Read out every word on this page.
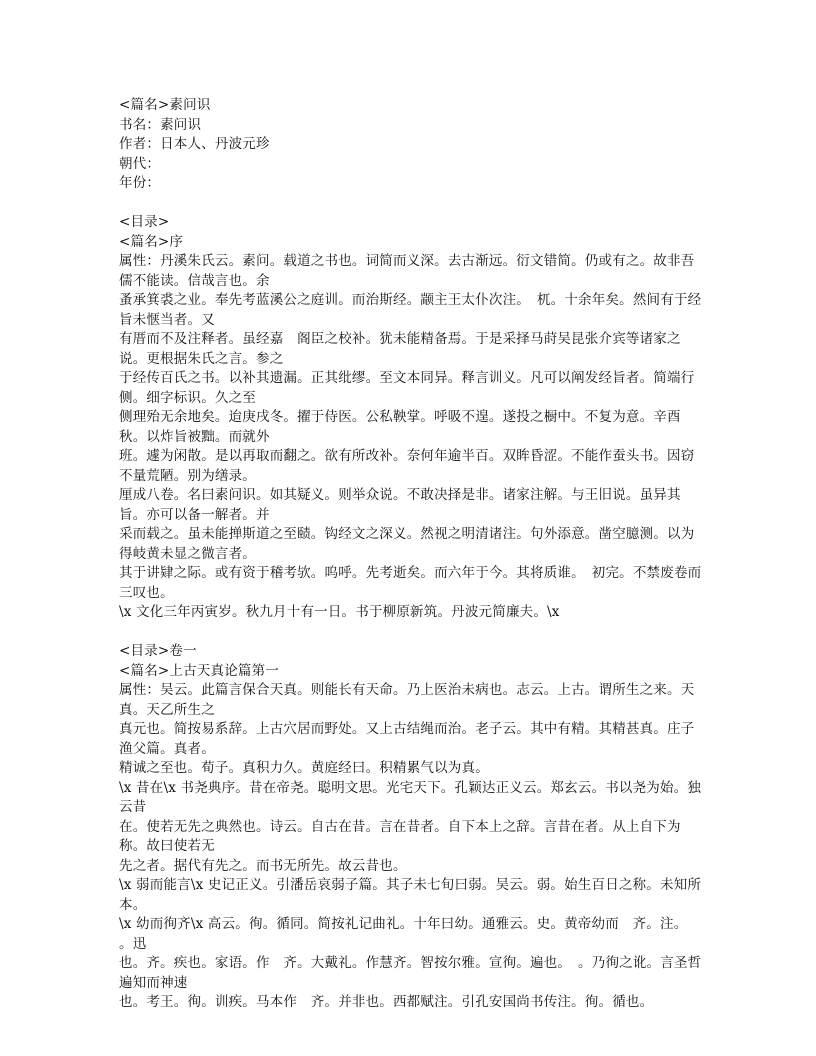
<篇名>素问识
书名：素问识
作者：日本人、丹波元珍
朝代：
年份：
<目录>
<篇名>序
属性：丹溪朱氏云。素问。载道之书也。词简而义深。去古渐远。衍文错简。仍或有之。故非吾儒不能读。信哉言也。余
蚤承箕裘之业。奉先考蓝溪公之庭训。而治斯经。颛主王太仆次注。　杌。十余年矣。然间有于经旨未惬当者。又
有厝而不及注释者。虽经嘉　阁臣之校补。犹未能精备焉。于是采择马莳吴昆张介宾等诸家之说。更根据朱氏之言。参之
于经传百氏之书。以补其遗漏。正其纰缪。至文本同异。释言训义。凡可以阐发经旨者。简端行侧。细字标识。久之至
侧理殆无余地矣。迨庚戌冬。擢于侍医。公私鞅掌。呼吸不遑。遂投之橱中。不复为意。辛酉秋。以炸旨被黜。而就外
班。遽为闲散。是以再取而翻之。欲有所改补。奈何年逾半百。双眸昏涩。不能作蚕头书。因窃不量荒陋。别为缮录。
厘成八卷。名曰素问识。如其疑义。则举众说。不敢决择是非。诸家注解。与王旧说。虽异其旨。亦可以备一解者。并
采而载之。虽未能掸斯道之至赜。钩经文之深义。然视之明清诸注。句外添意。凿空臆测。以为得岐黄未显之微言者。
其于讲肄之际。或有资于稽考欤。呜呼。先考逝矣。而六年于今。其将质谁。　初完。不禁废卷而三叹也。
\x 文化三年丙寅岁。秋九月十有一日。书于柳原新筑。丹波元简廉夫。\x
<目录>卷一
<篇名>上古天真论篇第一
属性：吴云。此篇言保合天真。则能长有天命。乃上医治未病也。志云。上古。谓所生之来。天真。天乙所生之
真元也。简按易系辞。上古穴居而野处。又上古结绳而治。老子云。其中有精。其精甚真。庄子渔父篇。真者。
精诚之至也。荀子。真积力久。黄庭经曰。积精累气以为真。
\x 昔在\x 书尧典序。昔在帝尧。聪明文思。光宅天下。孔颖达正义云。郑玄云。书以尧为始。独云昔
在。使若无先之典然也。诗云。自古在昔。言在昔者。自下本上之辞。言昔在者。从上自下为称。故曰使若无
先之者。据代有先之。而书无所先。故云昔也。
\x 弱而能言\x 史记正义。引潘岳哀弱子篇。其子未七旬曰弱。吴云。弱。始生百日之称。未知所本。
\x 幼而徇齐\x 高云。徇。循同。简按礼记曲礼。十年曰幼。通雅云。史。黄帝幼而　齐。注。　。迅
也。齐。疾也。家语。作　齐。大戴礼。作慧齐。智按尔雅。宣徇。遍也。　。乃徇之讹。言圣哲遍知而神速
也。考王。徇。训疾。马本作　齐。并非也。西都赋注。引孔安国尚书传注。徇。循也。
